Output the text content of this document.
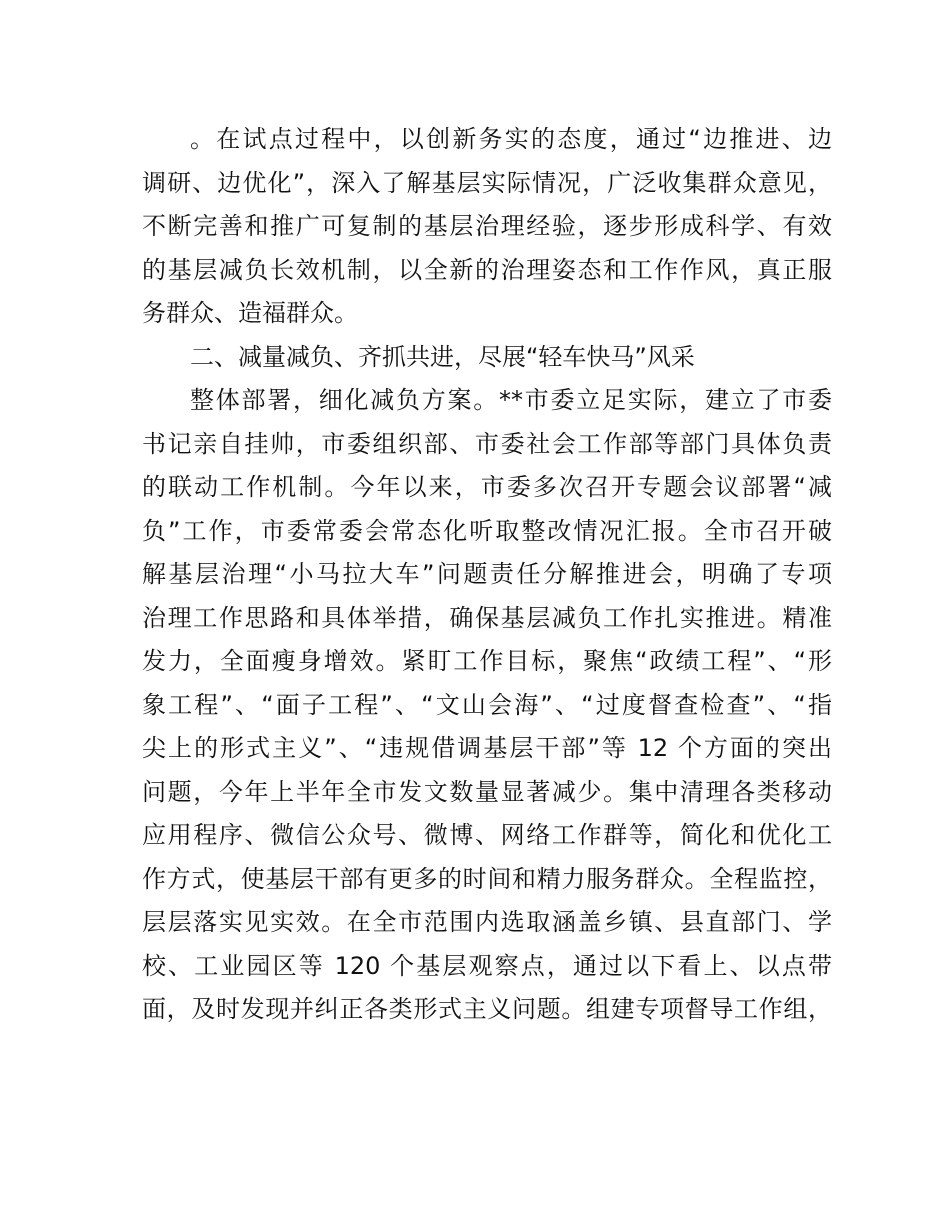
。在试点过程中，以创新务实的态度，通过“边推进、边
调研、边优化”，深入了解基层实际情况，广泛收集群众意见，
不断完善和推广可复制的基层治理经验，逐步形成科学、有效
的基层减负长效机制，以全新的治理姿态和工作作风，真正服
务群众、造福群众。
二、减量减负、齐抓共进，尽展“轻车快马”风采
整体部署，细化减负方案。**市委立足实际，建立了市委
书记亲自挂帅，市委组织部、市委社会工作部等部门具体负责
的联动工作机制。今年以来，市委多次召开专题会议部署“减
负”工作，市委常委会常态化听取整改情况汇报。全市召开破
解基层治理“小马拉大车”问题责任分解推进会，明确了专项
治理工作思路和具体举措，确保基层减负工作扎实推进。精准
发力，全面瘦身增效。紧盯工作目标，聚焦“政绩工程”、“形
象工程”、“面子工程”、“文山会海”、“过度督查检查”、“指
尖上的形式主义”、“违规借调基层干部”等 12 个方面的突出
问题，今年上半年全市发文数量显著减少。集中清理各类移动
应用程序、微信公众号、微博、网络工作群等，简化和优化工
作方式，使基层干部有更多的时间和精力服务群众。全程监控，
层层落实见实效。在全市范围内选取涵盖乡镇、县直部门、学
校、工业园区等 120 个基层观察点，通过以下看上、以点带
面，及时发现并纠正各类形式主义问题。组建专项督导工作组，
